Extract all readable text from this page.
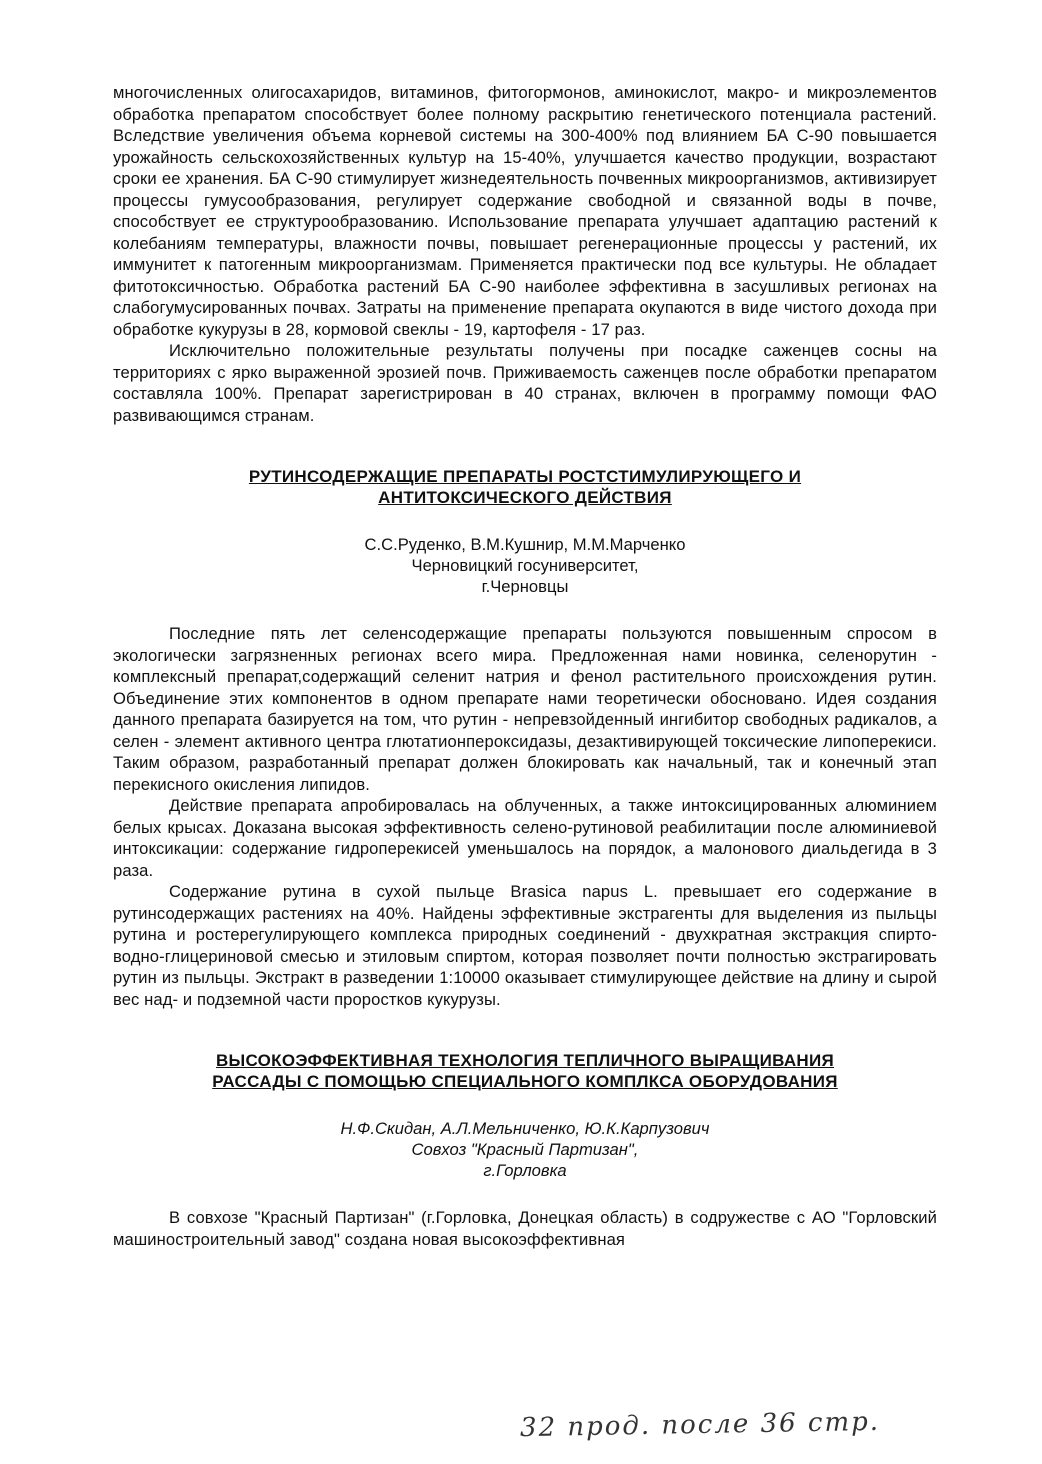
многочисленных олигосахаридов, витаминов, фитогормонов, аминокислот, макро- и микроэлементов обработка препаратом способствует более полному раскрытию генетического потенциала растений. Вследствие увеличения объема корневой системы на 300-400% под влиянием БА С-90 повышается урожайность сельскохозяйственных культур на 15-40%, улучшается качество продукции, возрастают сроки ее хранения. БА С-90 стимулирует жизнедеятельность почвенных микроорганизмов, активизирует процессы гумусообразования, регулирует содержание свободной и связанной воды в почве, способствует ее структурообразованию. Использование препарата улучшает адаптацию растений к колебаниям температуры, влажности почвы, повышает регенерационные процессы у растений, их иммунитет к патогенным микроорганизмам. Применяется практически под все культуры. Не обладает фитотоксичностью. Обработка растений БА С-90 наиболее эффективна в засушливых регионах на слабогумусированных почвах. Затраты на применение препарата окупаются в виде чистого дохода при обработке кукурузы в 28, кормовой свеклы - 19, картофеля - 17 раз.

Исключительно положительные результаты получены при посадке саженцев сосны на территориях с ярко выраженной эрозией почв. Приживаемость саженцев после обработки препаратом составляла 100%. Препарат зарегистрирован в 40 странах, включен в программу помощи ФАО развивающимся странам.

РУТИНСОДЕРЖАЩИЕ ПРЕПАРАТЫ РОСТСТИМУЛИРУЮЩЕГО И
АНТИТОКСИЧЕСКОГО ДЕЙСТВИЯ
С.С.Руденко, В.М.Кушнир, М.М.Марченко
Черновицкий госуниверситет,
г.Черновцы

Последние пять лет селенсодержащие препараты пользуются повышенным спросом в экологически загрязненных регионах всего мира. Предложенная нами новинка, селенорутин - комплексный препарат,содержащий селенит натрия и фенол растительного происхождения рутин. Объединение этих компонентов в одном препарате нами теоретически обосновано. Идея создания данного препарата базируется на том, что рутин - непревзойденный ингибитор свободных радикалов, а селен - элемент активного центра глютатионпероксидазы, дезактивирующей токсические липоперекиси. Таким образом, разработанный препарат должен блокировать как начальный, так и конечный этап перекисного окисления липидов.

Действие препарата апробировалась на облученных, а также интоксицированных алюминием белых крысах. Доказана высокая эффективность селено-рутиновой реабилитации после алюминиевой интоксикации: содержание гидроперекисей уменьшалось на порядок, а малонового диальдегида в 3 раза.

Содержание рутина в сухой пыльце Brasica napus L. превышает его содержание в рутинсодержащих растениях на 40%. Найдены эффективные экстрагенты для выделения из пыльцы рутина и ростерегулирующего комплекса природных соединений - двухкратная экстракция спирто-водно-глицериновой смесью и этиловым спиртом, которая позволяет почти полностью экстрагировать рутин из пыльцы. Экстракт в разведении 1:10000 оказывает стимулирующее действие на длину и сырой вес над- и подземной части проростков кукурузы.

ВЫСОКОЭФФЕКТИВНАЯ ТЕХНОЛОГИЯ ТЕПЛИЧНОГО ВЫРАЩИВАНИЯ
РАССАДЫ С ПОМОЩЬЮ СПЕЦИАЛЬНОГО КОМПЛКСА ОБОРУДОВАНИЯ
Н.Ф.Скидан, А.Л.Мельниченко, Ю.К.Карпузович
Совхоз "Красный Партизан",
г.Горловка

В совхозе "Красный Партизан" (г.Горловка, Донецкая область) в содружестве с АО "Горловский машиностроительный завод" создана новая высокоэффективная

32 прод. после 36 стр.
